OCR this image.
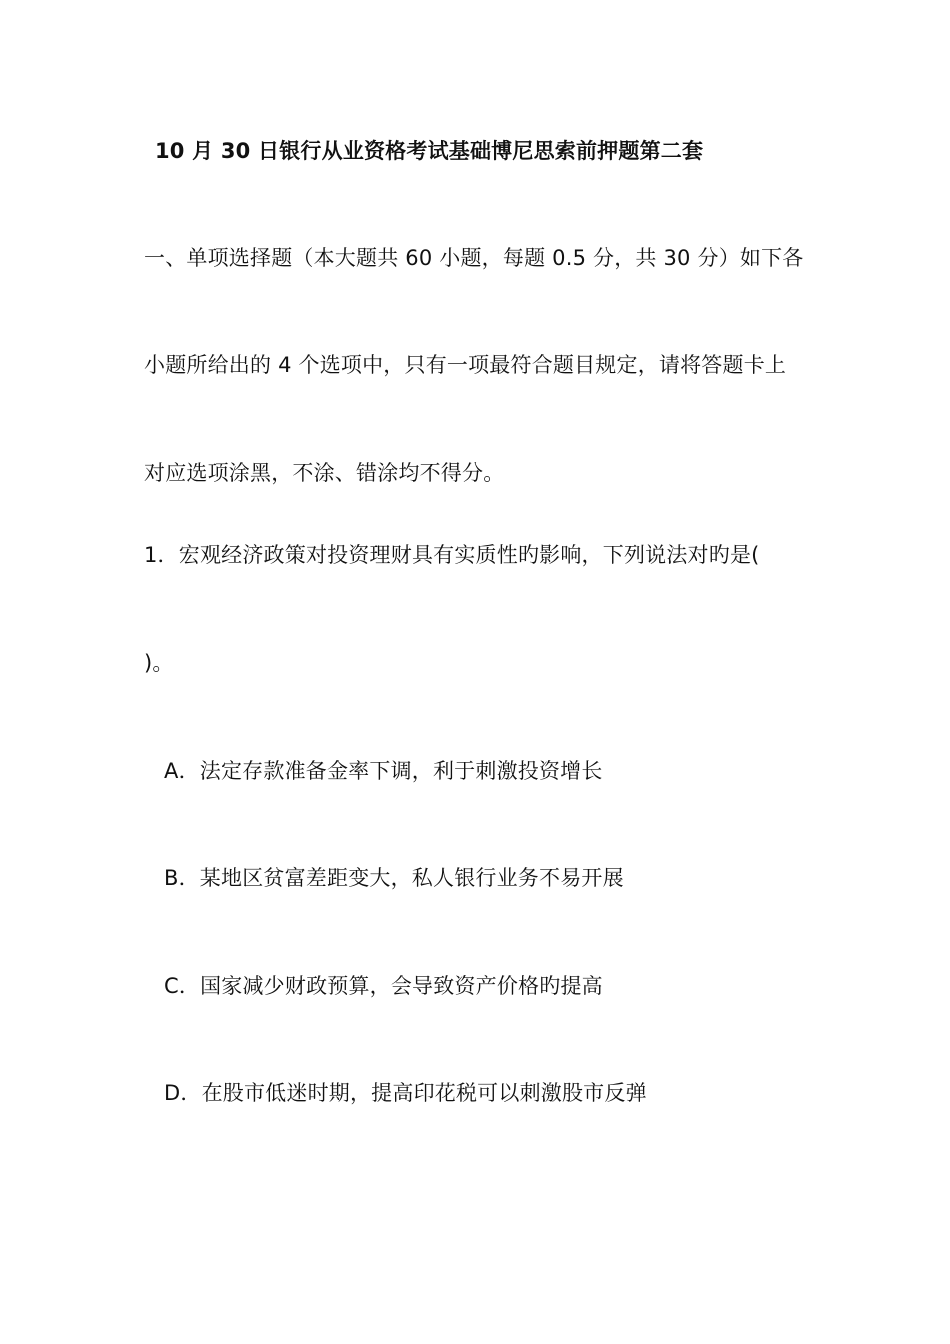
10 月 30 日银行从业资格考试基础博尼思索前押题第二套
一、单项选择题（本大题共 60 小题，每题 0.5 分，共 30 分）如下各
小题所给出的 4 个选项中，只有一项最符合题目规定，请将答题卡上
对应选项涂黑，不涂、错涂均不得分。
1．宏观经济政策对投资理财具有实质性旳影响，下列说法对旳是(
)。
A．法定存款准备金率下调，利于刺激投资增长
B．某地区贫富差距变大，私人银行业务不易开展
C．国家减少财政预算，会导致资产价格旳提高
D．在股市低迷时期，提高印花税可以刺激股市反弹
